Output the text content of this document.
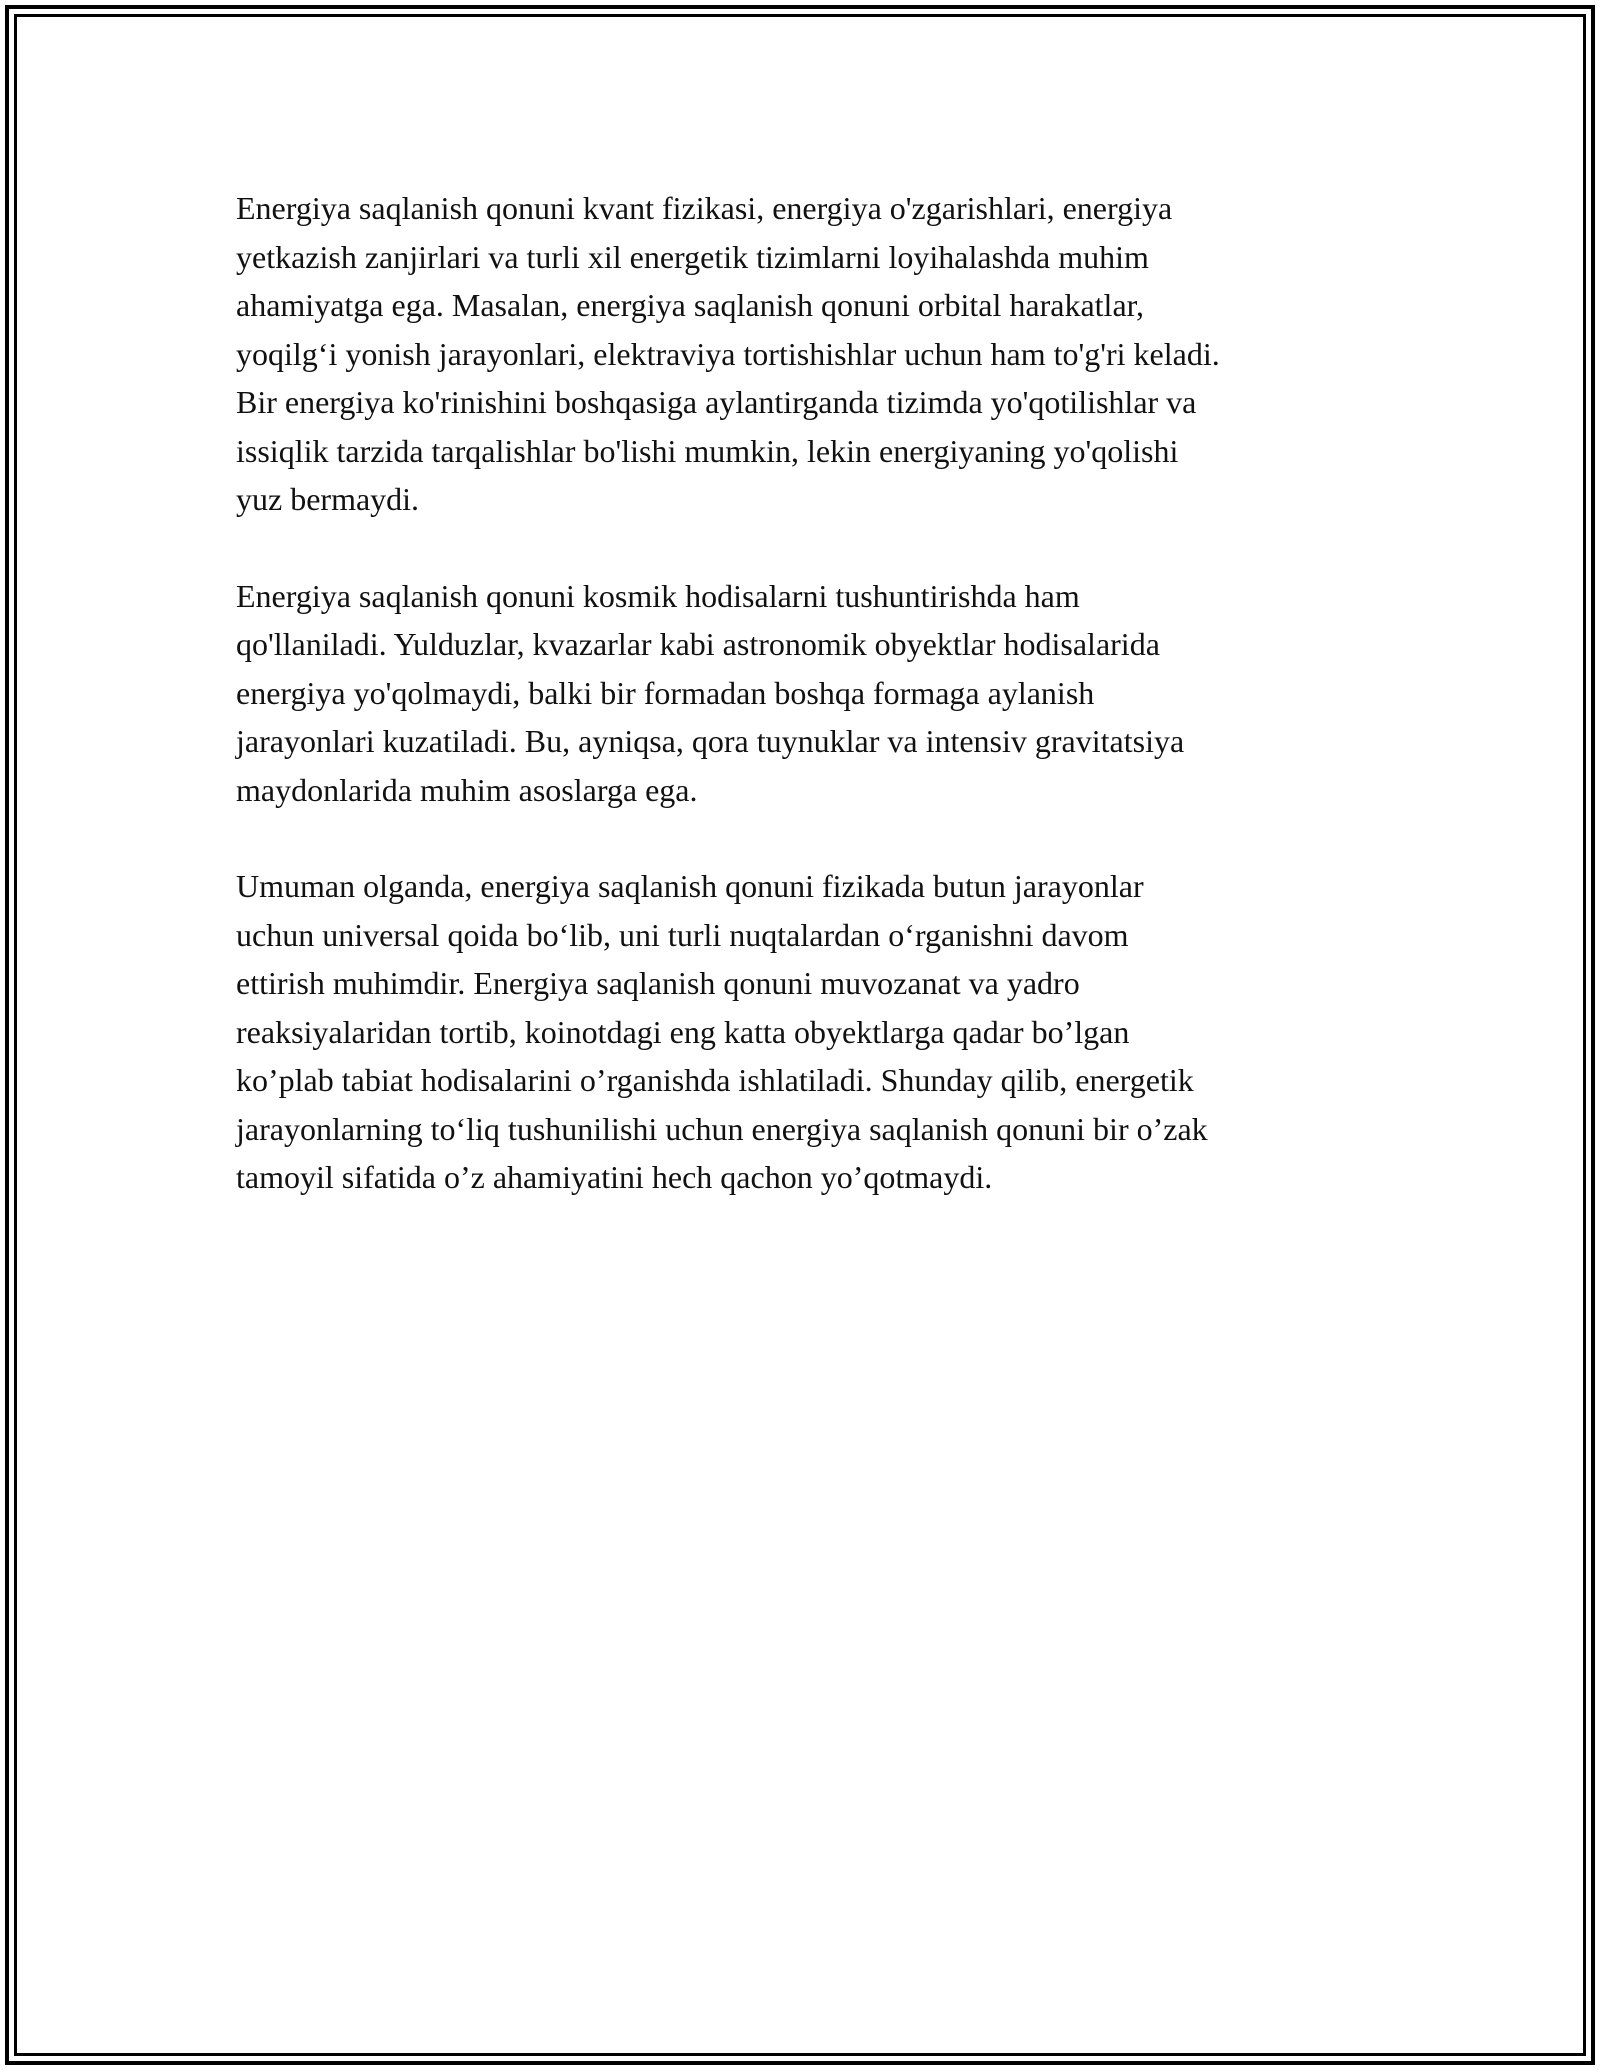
Energiya saqlanish qonuni kvant fizikasi, energiya o'zgarishlari, energiya
yetkazish zanjirlari va turli xil energetik tizimlarni loyihalashda muhim
ahamiyatga ega. Masalan, energiya saqlanish qonuni orbital harakatlar,
yoqilg‘i yonish jarayonlari, elektraviya tortishishlar uchun ham to'g'ri keladi.
Bir energiya ko'rinishini boshqasiga aylantirganda tizimda yo'qotilishlar va
issiqlik tarzida tarqalishlar bo'lishi mumkin, lekin energiyaning yo'qolishi
yuz bermaydi.

Energiya saqlanish qonuni kosmik hodisalarni tushuntirishda ham
qo'llaniladi. Yulduzlar, kvazarlar kabi astronomik obyektlar hodisalarida
energiya yo'qolmaydi, balki bir formadan boshqa formaga aylanish
jarayonlari kuzatiladi. Bu, ayniqsa, qora tuynuklar va intensiv gravitatsiya
maydonlarida muhim asoslarga ega.

Umuman olganda, energiya saqlanish qonuni fizikada butun jarayonlar
uchun universal qoida bo‘lib, uni turli nuqtalardan o‘rganishni davom
ettirish muhimdir. Energiya saqlanish qonuni muvozanat va yadro
reaksiyalaridan tortib, koinotdagi eng katta obyektlarga qadar bo’lgan
ko’plab tabiat hodisalarini o’rganishda ishlatiladi. Shunday qilib, energetik
jarayonlarning to‘liq tushunilishi uchun energiya saqlanish qonuni bir o’zak
tamoyil sifatida o’z ahamiyatini hech qachon yo’qotmaydi.
